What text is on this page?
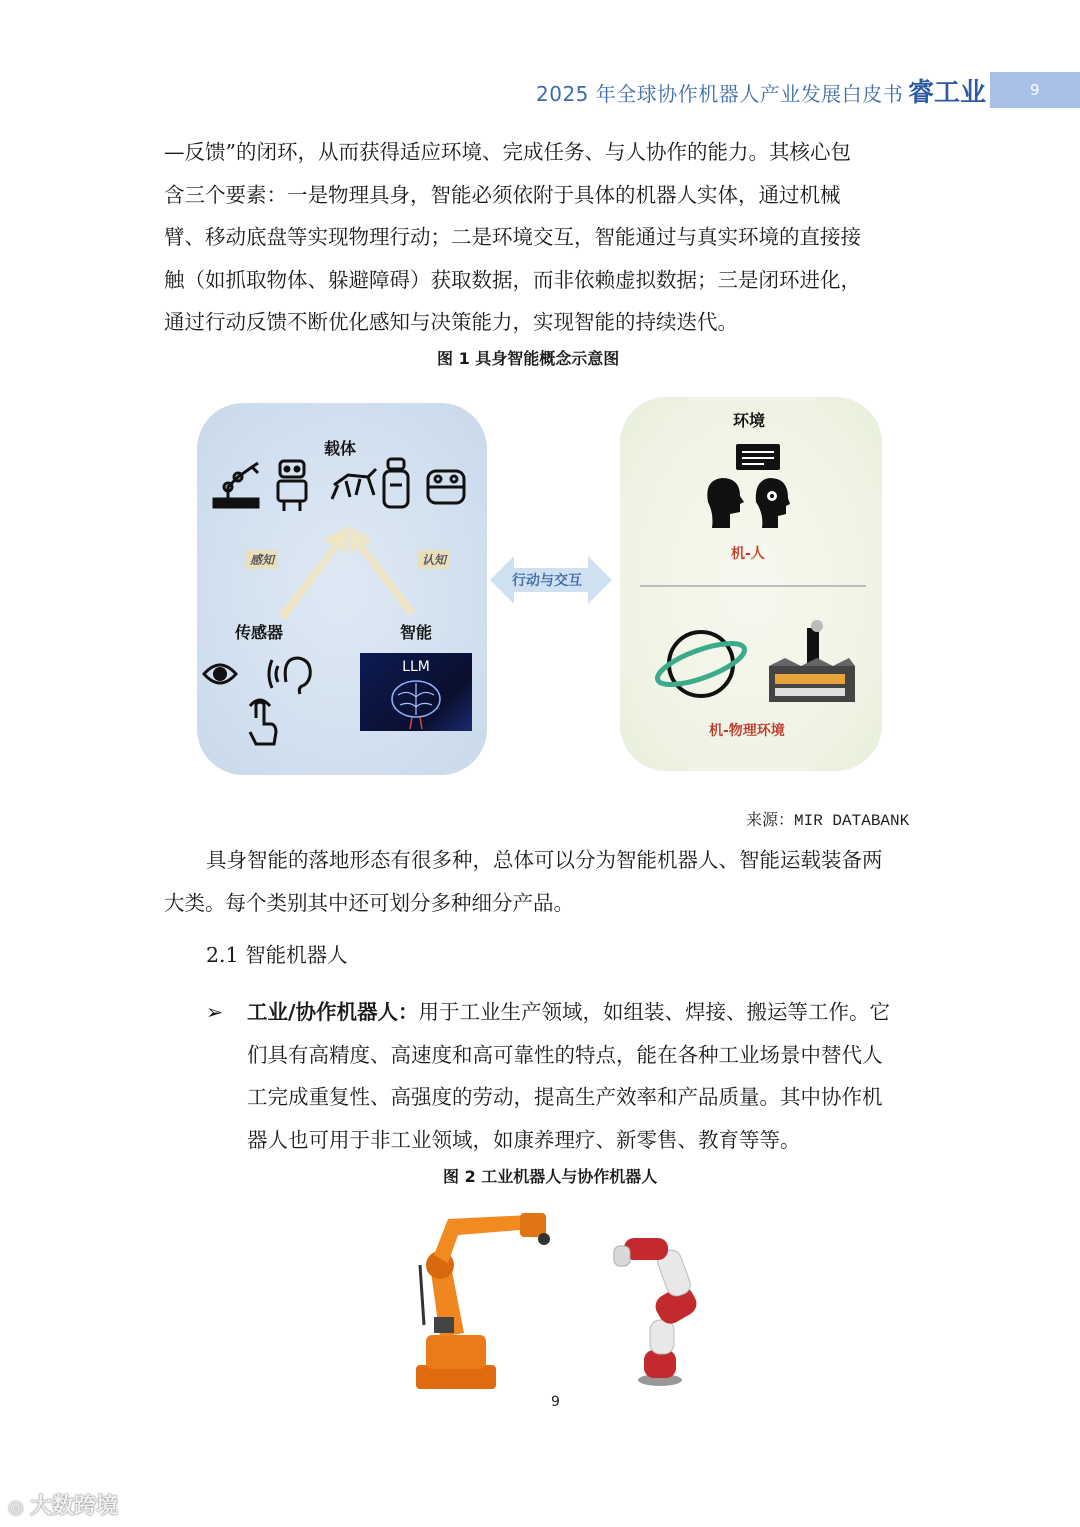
2025 年全球协作机器人产业发展白皮书 睿工业	9

—反馈”的闭环，从而获得适应环境、完成任务、与人协作的能力。其核心包

含三个要素：一是物理具身，智能必须依附于具体的机器人实体，通过机械

臂、移动底盘等实现物理行动；二是环境交互，智能通过与真实环境的直接接

触（如抓取物体、躲避障碍）获取数据，而非依赖虚拟数据；三是闭环进化，

通过行动反馈不断优化感知与决策能力，实现智能的持续迭代。

图 1 具身智能概念示意图
载体
感知	认知
传感器	智能
LLM
行动与交互
环境
机-人
机-物理环境
来源：MIR DATABANK

具身智能的落地形态有很多种，总体可以分为智能机器人、智能运载装备两

大类。每个类别其中还可划分多种细分产品。

2.1 智能机器人
➢ 工业/协作机器人：用于工业生产领域，如组装、焊接、搬运等工作。它

们具有高精度、高速度和高可靠性的特点，能在各种工业场景中替代人

工完成重复性、高强度的劳动，提高生产效率和产品质量。其中协作机

器人也可用于非工业领域，如康养理疗、新零售、教育等等。

图 2 工业机器人与协作机器人
9
◎ 大数跨境
